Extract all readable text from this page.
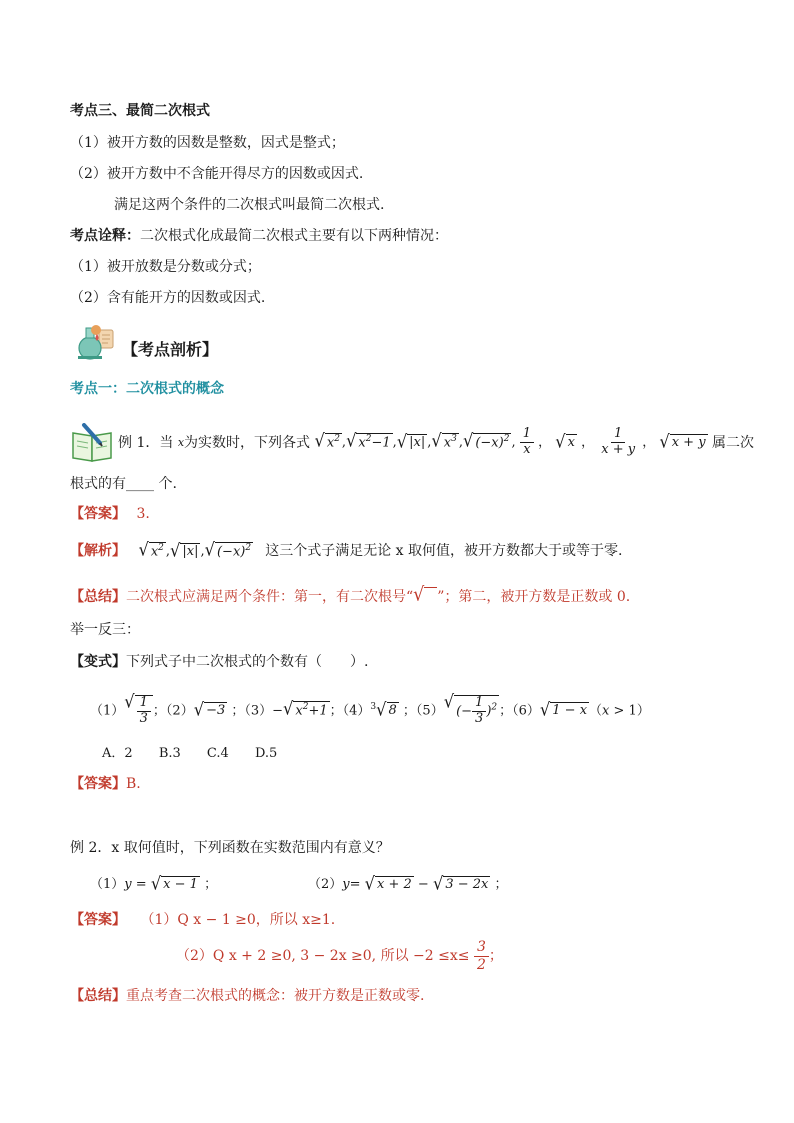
考点三、最简二次根式
（1）被开方数的因数是整数，因式是整式；
（2）被开方数中不含能开得尽方的因数或因式.
满足这两个条件的二次根式叫最简二次根式.
考点诠释：二次根式化成最简二次根式主要有以下两种情况：
（1）被开放数是分数或分式；
（2）含有能开方的因数或因式.
【考点剖析】
考点一：二次根式的概念
例 1．当 $^x$为实数时，下列各式 √ $x^2$ , √ $x^2-1$ , √ |x| , √ $x^3$ , √ $(-x)^2$ , $\frac{1}{x}$ ， √ x ， $\frac{1}{x + y}$ ， √ x + y 属二次
根式的有____ 个.
【答案】 3.
【解析】 √ $x^2$ , √ |x| , √ $(-x)^2$ 这三个式子满足无论 x 取何值，被开方数都大于或等于零.
【总结】二次根式应满足两个条件：第一，有二次根号“ √
”；第二，被开方数是正数或 0.
举一反三：
【变式】下列式子中二次根式的个数有（　　）.
（1） √ $\frac{1}{3}$ ；（2） √ −3 ；（3）− √ $x^2+1$ ；$(4)^3$ √ 8 ；（5） √ (− $\frac{1}{3} )^2$ ；（6） √ 1 − x （x > 1）
A．2 B.3 C.4 D.5
【答案】B.
例 2．x 取何值时，下列函数在实数范围内有意义？
（1）y = √ x − 1 ；	（2）y= √ x + 2 − √ 3 − 2x ；
【答案】 （1）Q x − 1 ≥0，所以 x≥1.
（2）Q x + 2 ≥0, 3 − 2x ≥0, 所以 $-2 \le x\le \frac{3}{2}$ ；
【总结】重点考查二次根式的概念：被开方数是正数或零.
